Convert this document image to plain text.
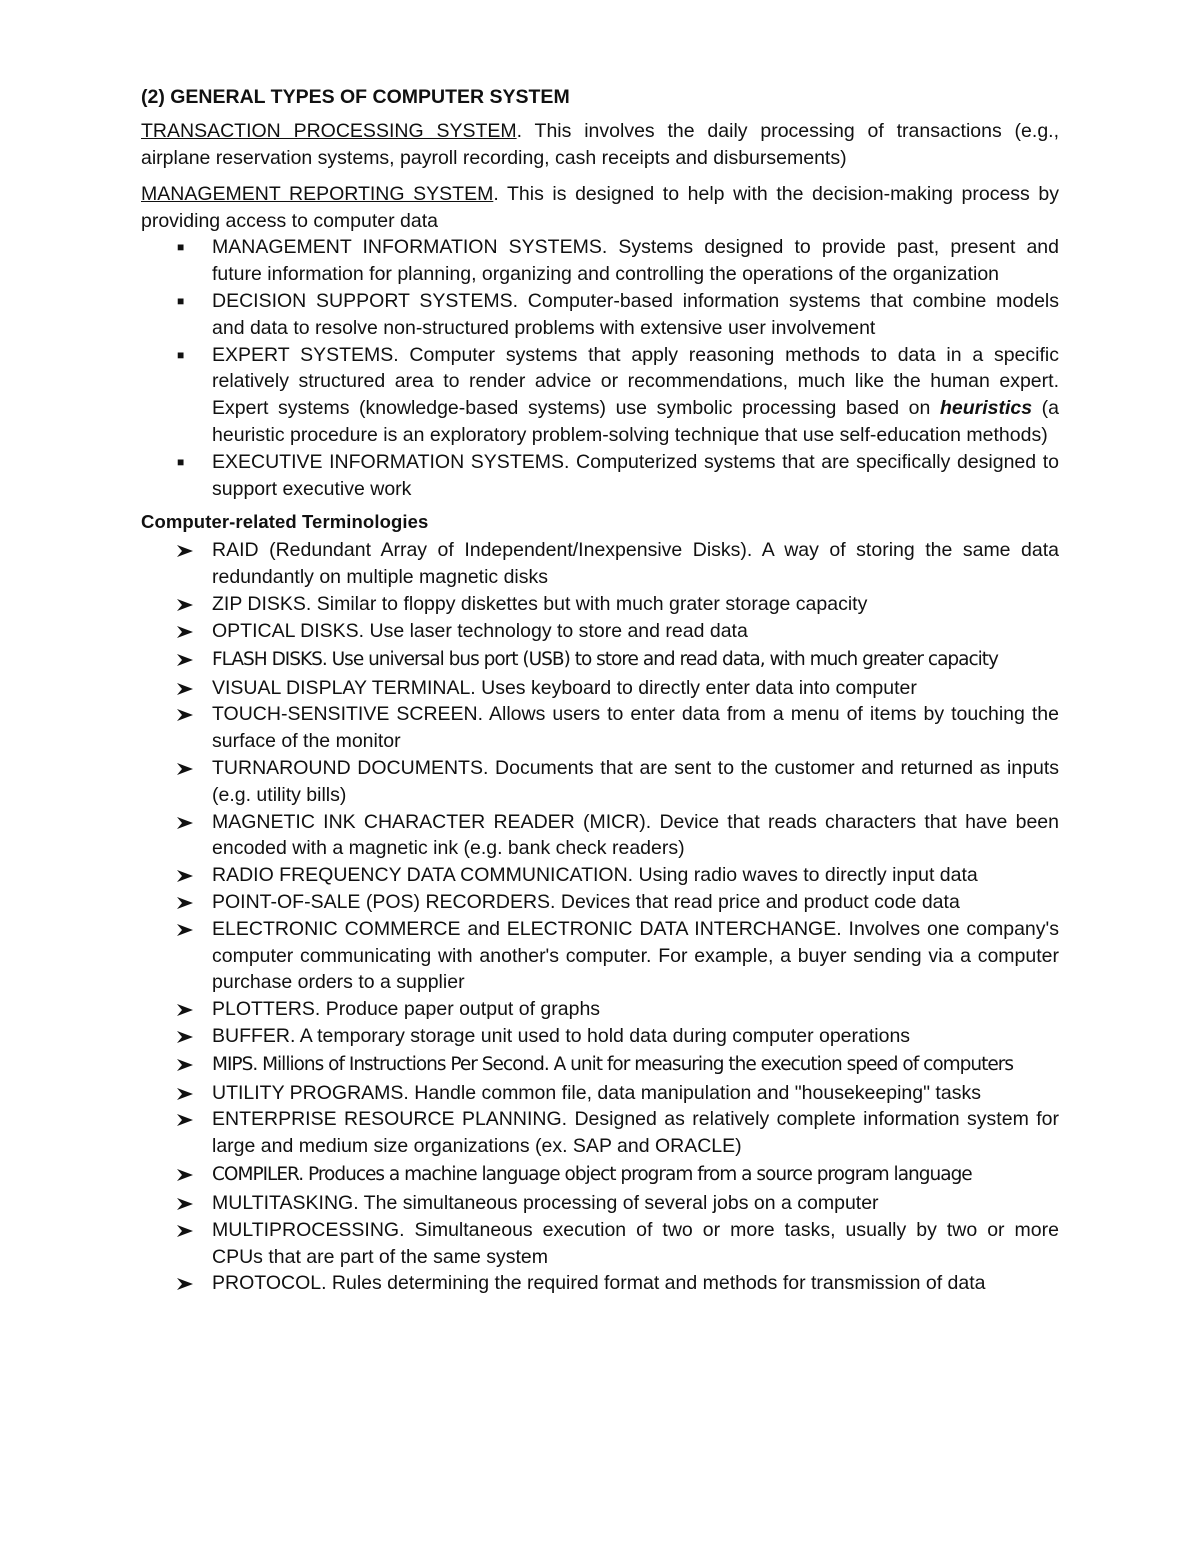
(2) GENERAL TYPES OF COMPUTER SYSTEM

TRANSACTION PROCESSING SYSTEM. This involves the daily processing of transactions (e.g., airplane reservation systems, payroll recording, cash receipts and disbursements)

MANAGEMENT REPORTING SYSTEM. This is designed to help with the decision-making process by providing access to computer data

■ MANAGEMENT INFORMATION SYSTEMS. Systems designed to provide past, present and future information for planning, organizing and controlling the operations of the organization
■ DECISION SUPPORT SYSTEMS. Computer-based information systems that combine models and data to resolve non-structured problems with extensive user involvement
■ EXPERT SYSTEMS. Computer systems that apply reasoning methods to data in a specific relatively structured area to render advice or recommendations, much like the human expert. Expert systems (knowledge-based systems) use symbolic processing based on heuristics (a heuristic procedure is an exploratory problem-solving technique that use self-education methods)
■ EXECUTIVE INFORMATION SYSTEMS. Computerized systems that are specifically designed to support executive work
Computer-related Terminologies
RAID (Redundant Array of Independent/Inexpensive Disks). A way of storing the same data redundantly on multiple magnetic disks
ZIP DISKS. Similar to floppy diskettes but with much grater storage capacity
OPTICAL DISKS. Use laser technology to store and read data
FLASH DISKS. Use universal bus port (USB) to store and read data, with much greater capacity
VISUAL DISPLAY TERMINAL. Uses keyboard to directly enter data into computer
TOUCH-SENSITIVE SCREEN. Allows users to enter data from a menu of items by touching the surface of the monitor
TURNAROUND DOCUMENTS. Documents that are sent to the customer and returned as inputs (e.g. utility bills)
MAGNETIC INK CHARACTER READER (MICR). Device that reads characters that have been encoded with a magnetic ink (e.g. bank check readers)
RADIO FREQUENCY DATA COMMUNICATION. Using radio waves to directly input data
POINT-OF-SALE (POS) RECORDERS. Devices that read price and product code data
ELECTRONIC COMMERCE and ELECTRONIC DATA INTERCHANGE. Involves one company's computer communicating with another's computer. For example, a buyer sending via a computer purchase orders to a supplier
PLOTTERS. Produce paper output of graphs
BUFFER. A temporary storage unit used to hold data during computer operations
MIPS. Millions of Instructions Per Second. A unit for measuring the execution speed of computers
UTILITY PROGRAMS. Handle common file, data manipulation and "housekeeping" tasks
ENTERPRISE RESOURCE PLANNING. Designed as relatively complete information system for large and medium size organizations (ex. SAP and ORACLE)
COMPILER. Produces a machine language object program from a source program language
MULTITASKING. The simultaneous processing of several jobs on a computer
MULTIPROCESSING. Simultaneous execution of two or more tasks, usually by two or more CPUs that are part of the same system
PROTOCOL. Rules determining the required format and methods for transmission of data
